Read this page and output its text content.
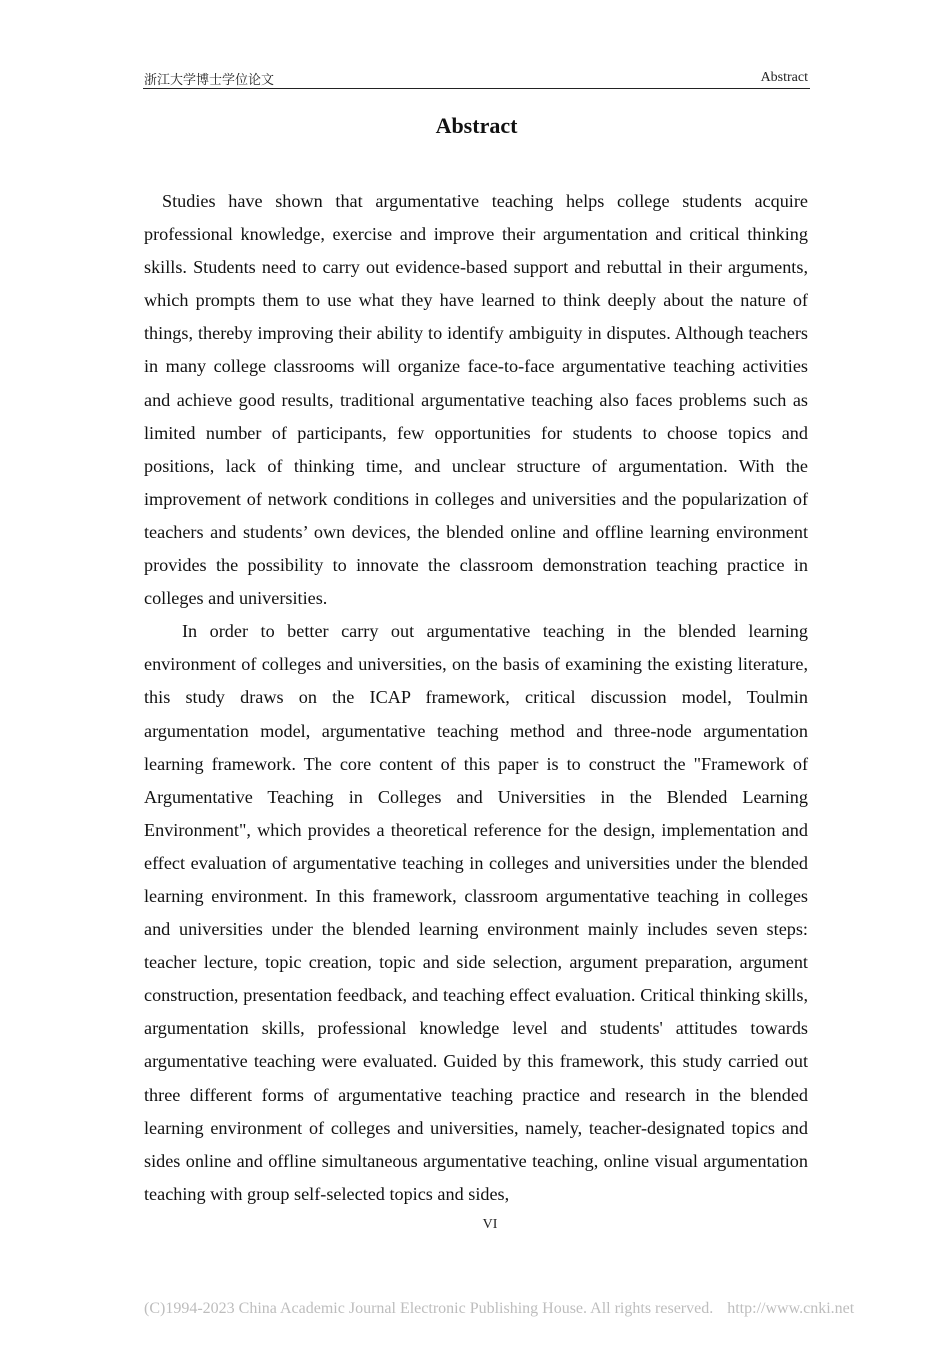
浙江大学博士学位论文	Abstract
Abstract

Studies have shown that argumentative teaching helps college students acquire professional knowledge, exercise and improve their argumentation and critical thinking skills. Students need to carry out evidence-based support and rebuttal in their arguments, which prompts them to use what they have learned to think deeply about the nature of things, thereby improving their ability to identify ambiguity in disputes. Although teachers in many college classrooms will organize face-to-face argumentative teaching activities and achieve good results, traditional argumentative teaching also faces problems such as limited number of participants, few opportunities for students to choose topics and positions, lack of thinking time, and unclear structure of argumentation. With the improvement of network conditions in colleges and universities and the popularization of teachers and students’ own devices, the blended online and offline learning environment provides the possibility to innovate the classroom demonstration teaching practice in colleges and universities.

In order to better carry out argumentative teaching in the blended learning environment of colleges and universities, on the basis of examining the existing literature, this study draws on the ICAP framework, critical discussion model, Toulmin argumentation model, argumentative teaching method and three-node argumentation learning framework. The core content of this paper is to construct the "Framework of Argumentative Teaching in Colleges and Universities in the Blended Learning Environment", which provides a theoretical reference for the design, implementation and effect evaluation of argumentative teaching in colleges and universities under the blended learning environment. In this framework, classroom argumentative teaching in colleges and universities under the blended learning environment mainly includes seven steps: teacher lecture, topic creation, topic and side selection, argument preparation, argument construction, presentation feedback, and teaching effect evaluation. Critical thinking skills, argumentation skills, professional knowledge level and students' attitudes towards argumentative teaching were evaluated. Guided by this framework, this study carried out three different forms of argumentative teaching practice and research in the blended learning environment of colleges and universities, namely, teacher-designated topics and sides online and offline simultaneous argumentative teaching, online visual argumentation teaching with group self-selected topics and sides,

VI
(C)1994-2023 China Academic Journal Electronic Publishing House. All rights reserved. http://www.cnki.net
